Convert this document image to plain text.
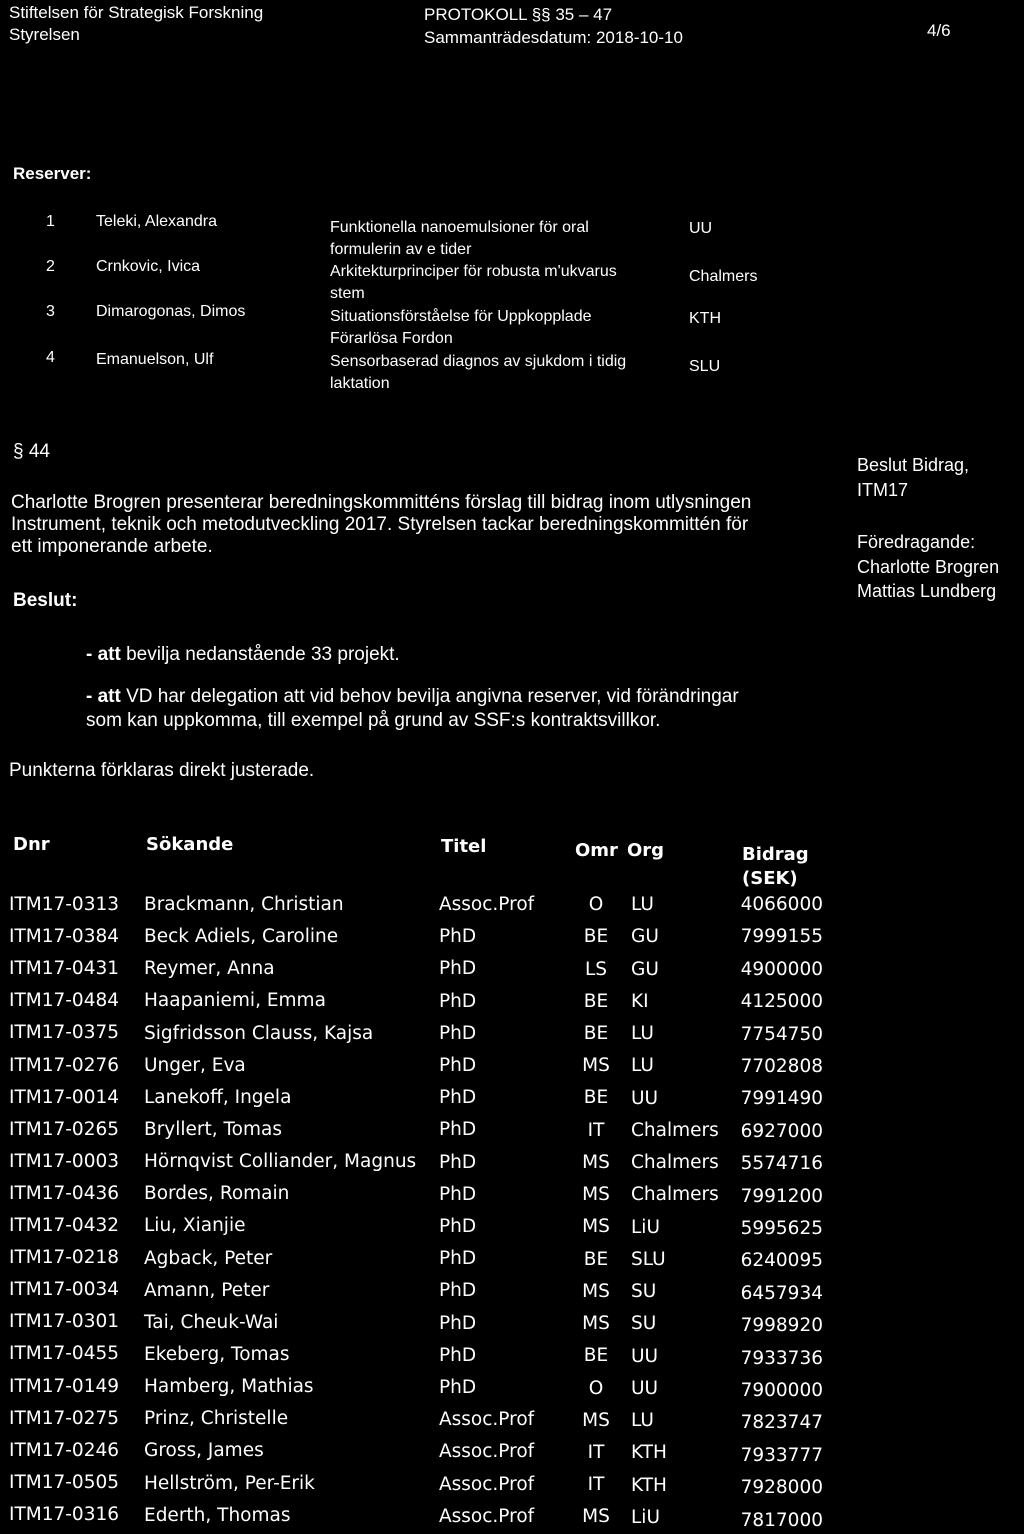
Stiftelsen för Strategisk Forskning
Styrelsen
PROTOKOLL §§ 35 – 47
Sammanträdesdatum: 2018-10-10	4/6
Reserver:
1	Teleki, Alexandra	Funktionella nanoemulsioner för oral formulerin av e tider
UU
2	Crnkovic, Ivica	Arkitekturprinciper för robusta m'ukvarus stem
Chalmers
3	Dimarogonas, Dimos	Situationsförståelse för Uppkopplade Förarlösa Fordon
KTH
4	Emanuelson, Ulf	Sensorbaserad diagnos av sjukdom i tidig laktation
SLU
§ 44
Charlotte Brogren presenterar beredningskommitténs förslag till bidrag inom utlysningen
Instrument, teknik och metodutveckling 2017. Styrelsen tackar beredningskommittén för
ett imponerande arbete.
Beslut:
- att bevilja nedanstående 33 projekt.
- att VD har delegation att vid behov bevilja angivna reserver, vid förändringar
som kan uppkomma, till exempel på grund av SSF:s kontraktsvillkor.
Punkterna förklaras direkt justerade.
Beslut Bidrag,
ITM17
Föredragande:
Charlotte Brogren
Mattias Lundberg
Dnr	Sökande	Titel	Omr Org	Bidrag
(SEK)
ITM17-0313 Brackmann, Christian	Assoc.Prof	O	LU	4066000
ITM17-0384 Beck Adiels, Caroline	PhD	BE	GU	7999155
ITM17-0431 Reymer, Anna	PhD	LS	GU	4900000
ITM17-0484 Haapaniemi, Emma	PhD	BE	KI	4125000
ITM17-0375 Sigfridsson Clauss, Kajsa	PhD	BE	LU	7754750
ITM17-0276 Unger, Eva	PhD	MS LU	7702808
ITM17-0014 Lanekoff, Ingela	PhD	BE	UU	7991490
ITM17-0265 Bryllert, Tomas	PhD	IT	Chalmers	6927000
ITM17-0003 Hörnqvist Colliander, Magnus PhD	MS Chalmers	5574716
ITM17-0436 Bordes, Romain	PhD	MS Chalmers	7991200
ITM17-0432 Liu, Xianjie	PhD	MS LiU	5995625
ITM17-0218 Agback, Peter	PhD	BE	SLU	6240095
ITM17-0034 Amann, Peter	PhD	MS SU	6457934
ITM17-0301 Tai, Cheuk-Wai	PhD	MS SU	7998920
ITM17-0455 Ekeberg, Tomas	PhD	BE	UU	7933736
ITM17-0149 Hamberg, Mathias	PhD	O	UU	7900000
ITM17-0275 Prinz, Christelle	Assoc.Prof	MS LU	7823747
ITM17-0246 Gross, James	Assoc.Prof	IT	KTH	7933777
ITM17-0505 Hellström, Per-Erik	Assoc.Prof	IT	KTH	7928000
ITM17-0316 Ederth, Thomas	Assoc.Prof	MS LiU	7817000
